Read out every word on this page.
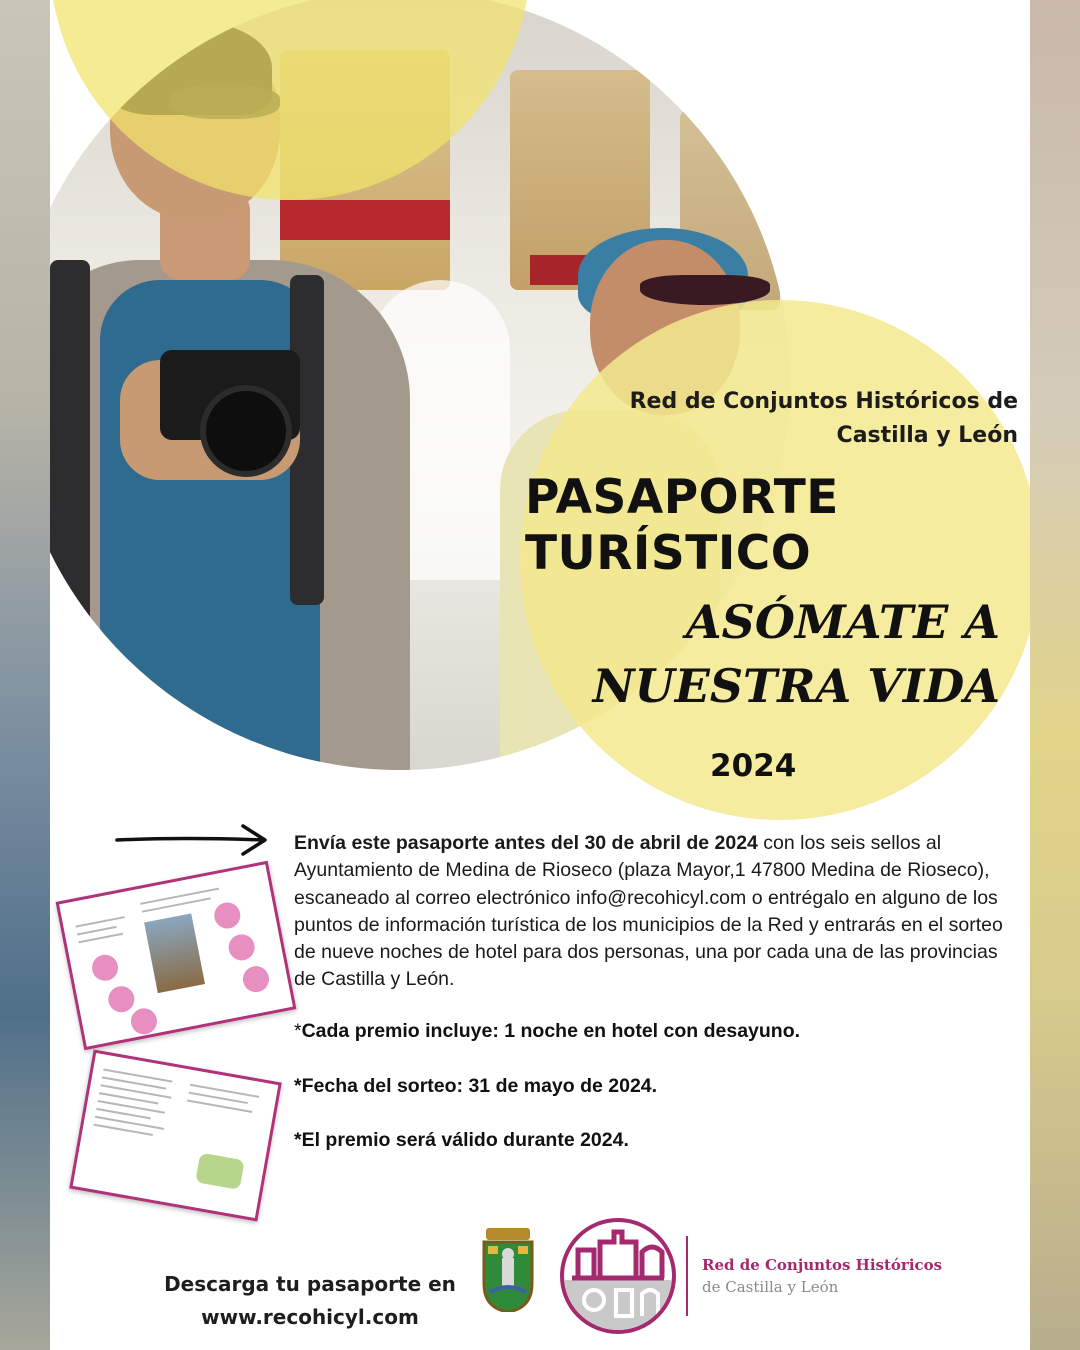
Red de Conjuntos Históricos de
Castilla y León
PASAPORTE
TURÍSTICO
ASÓMATE A
NUESTRA VIDA
2024
Envía este pasaporte antes del 30 de abril de 2024 con los seis sellos al Ayuntamiento de Medina de Rioseco (plaza Mayor,1 47800 Medina de Rioseco), escaneado al correo electrónico info@recohicyl.com o entrégalo en alguno de los puntos de información turística de los municipios de la Red y entrarás en el sorteo de nueve noches de hotel para dos personas, una por cada una de las provincias de Castilla y León.
*Cada premio incluye: 1 noche en hotel con desayuno.
*Fecha del sorteo: 31 de mayo de 2024.
*El premio será válido durante 2024.
Descarga tu pasaporte en
www.recohicyl.com
Red de Conjuntos Históricos
de Castilla y León
